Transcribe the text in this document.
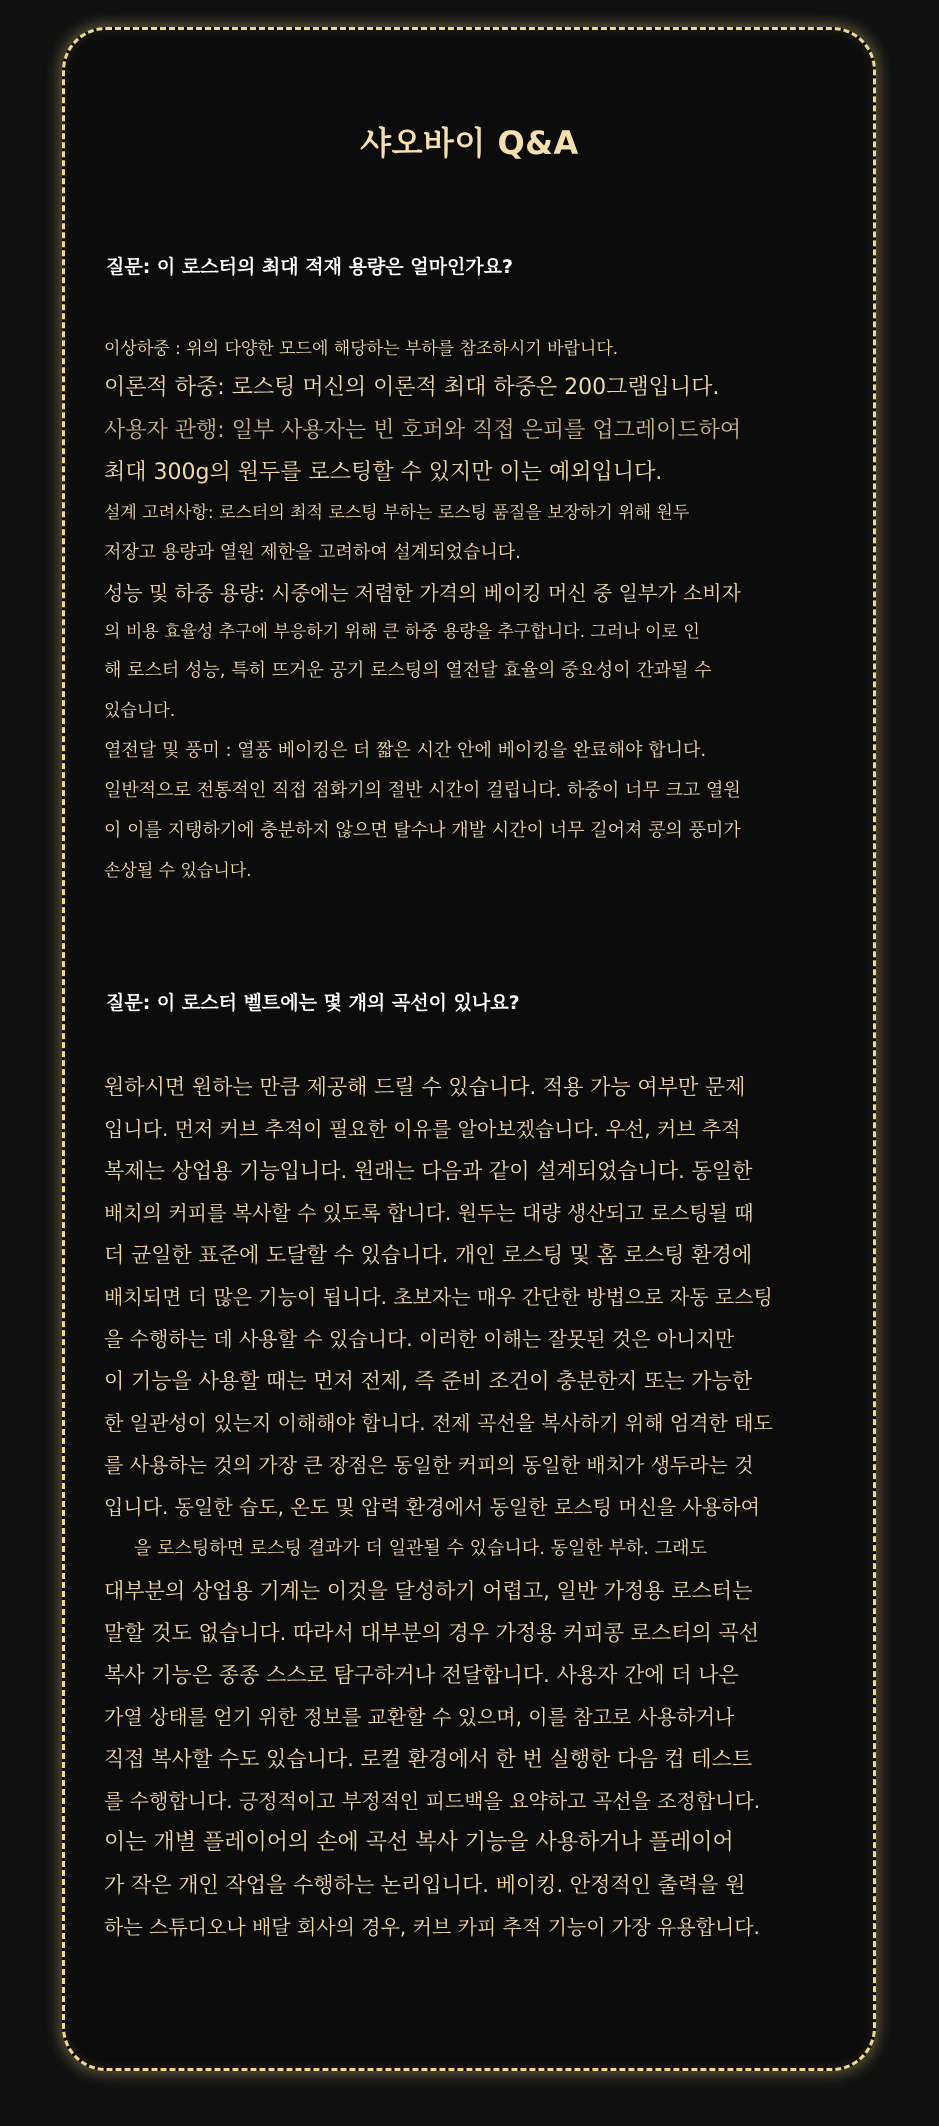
샤오바이 Q&A
질문: 이 로스터의 최대 적재 용량은 얼마인가요?
이상하중 : 위의 다양한 모드에 해당하는 부하를 참조하시기 바랍니다.
이론적 하중: 로스팅 머신의 이론적 최대 하중은 200그램입니다.
사용자 관행: 일부 사용자는 빈 호퍼와 직접 은피를 업그레이드하여
최대 300g의 원두를 로스팅할 수 있지만 이는 예외입니다.
설계 고려사항: 로스터의 최적 로스팅 부하는 로스팅 품질을 보장하기 위해 원두
저장고 용량과 열원 제한을 고려하여 설계되었습니다.
성능 및 하중 용량: 시중에는 저렴한 가격의 베이킹 머신 중 일부가 소비자
의 비용 효율성 추구에 부응하기 위해 큰 하중 용량을 추구합니다. 그러나 이로 인
해 로스터 성능, 특히 뜨거운 공기 로스팅의 열전달 효율의 중요성이 간과될 수
있습니다.
열전달 및 풍미 : 열풍 베이킹은 더 짧은 시간 안에 베이킹을 완료해야 합니다.
일반적으로 전통적인 직접 점화기의 절반 시간이 걸립니다. 하중이 너무 크고 열원
이 이를 지탱하기에 충분하지 않으면 탈수나 개발 시간이 너무 길어져 콩의 풍미가
손상될 수 있습니다.
질문: 이 로스터 벨트에는 몇 개의 곡선이 있나요?
원하시면 원하는 만큼 제공해 드릴 수 있습니다. 적용 가능 여부만 문제
입니다. 먼저 커브 추적이 필요한 이유를 알아보겠습니다. 우선, 커브 추적
복제는 상업용 기능입니다. 원래는 다음과 같이 설계되었습니다. 동일한
배치의 커피를 복사할 수 있도록 합니다. 원두는 대량 생산되고 로스팅될 때
더 균일한 표준에 도달할 수 있습니다. 개인 로스팅 및 홈 로스팅 환경에
배치되면 더 많은 기능이 됩니다. 초보자는 매우 간단한 방법으로 자동 로스팅
을 수행하는 데 사용할 수 있습니다. 이러한 이해는 잘못된 것은 아니지만
이 기능을 사용할 때는 먼저 전제, 즉 준비 조건이 충분한지 또는 가능한
한 일관성이 있는지 이해해야 합니다. 전제 곡선을 복사하기 위해 엄격한 태도
를 사용하는 것의 가장 큰 장점은 동일한 커피의 동일한 배치가 생두라는 것
입니다. 동일한 습도, 온도 및 압력 환경에서 동일한 로스팅 머신을 사용하여
을 로스팅하면 로스팅 결과가 더 일관될 수 있습니다. 동일한 부하. 그래도
대부분의 상업용 기계는 이것을 달성하기 어렵고, 일반 가정용 로스터는
말할 것도 없습니다. 따라서 대부분의 경우 가정용 커피콩 로스터의 곡선
복사 기능은 종종 스스로 탐구하거나 전달합니다. 사용자 간에 더 나은
가열 상태를 얻기 위한 정보를 교환할 수 있으며, 이를 참고로 사용하거나
직접 복사할 수도 있습니다. 로컬 환경에서 한 번 실행한 다음 컵 테스트
를 수행합니다. 긍정적이고 부정적인 피드백을 요약하고 곡선을 조정합니다.
이는 개별 플레이어의 손에 곡선 복사 기능을 사용하거나 플레이어
가 작은 개인 작업을 수행하는 논리입니다. 베이킹. 안정적인 출력을 원
하는 스튜디오나 배달 회사의 경우, 커브 카피 추적 기능이 가장 유용합니다.
